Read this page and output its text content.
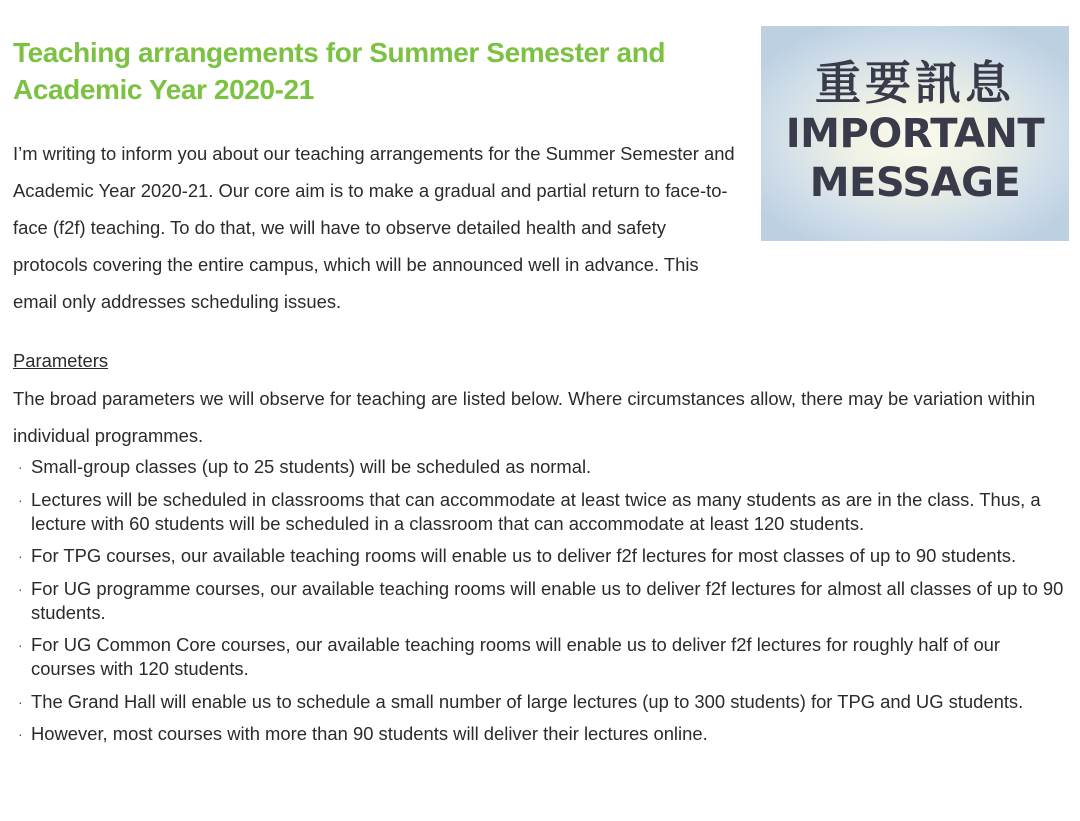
Teaching arrangements for Summer Semester and Academic Year 2020-21

I’m writing to inform you about our teaching arrangements for the Summer Semester and Academic Year 2020-21. Our core aim is to make a gradual and partial return to face-to-face (f2f) teaching. To do that, we will have to observe detailed health and safety protocols covering the entire campus, which will be announced well in advance. This email only addresses scheduling issues.

重要訊息
IMPORTANT
MESSAGE
Parameters

The broad parameters we will observe for teaching are listed below. Where circumstances allow, there may be variation within individual programmes.

· Small-group classes (up to 25 students) will be scheduled as normal.
· Lectures will be scheduled in classrooms that can accommodate at least twice as many students as are in the class. Thus, a lecture with 60 students will be scheduled in a classroom that can accommodate at least 120 students.
· For TPG courses, our available teaching rooms will enable us to deliver f2f lectures for most classes of up to 90 students.
· For UG programme courses, our available teaching rooms will enable us to deliver f2f lectures for almost all classes of up to 90 students.
· For UG Common Core courses, our available teaching rooms will enable us to deliver f2f lectures for roughly half of our courses with 120 students.
· The Grand Hall will enable us to schedule a small number of large lectures (up to 300 students) for TPG and UG students.
· However, most courses with more than 90 students will deliver their lectures online.
